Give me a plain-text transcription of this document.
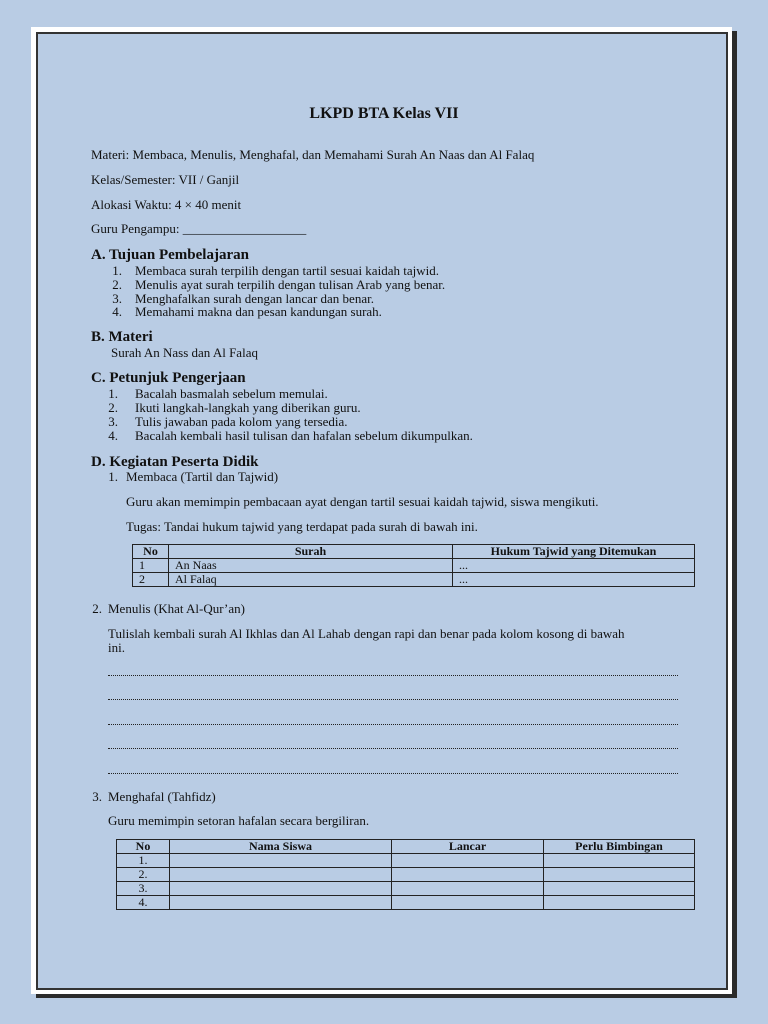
LKPD BTA Kelas VII
Materi: Membaca, Menulis, Menghafal, dan Memahami Surah An Naas dan Al Falaq
Kelas/Semester: VII / Ganjil
Alokasi Waktu: 4 × 40 menit
Guru Pengampu: ___________________
A. Tujuan Pembelajaran
1. Membaca surah terpilih dengan tartil sesuai kaidah tajwid.
2. Menulis ayat surah terpilih dengan tulisan Arab yang benar.
3. Menghafalkan surah dengan lancar dan benar.
4. Memahami makna dan pesan kandungan surah.
B. Materi
Surah An Nass dan Al Falaq
C. Petunjuk Pengerjaan
1. Bacalah basmalah sebelum memulai.
2. Ikuti langkah-langkah yang diberikan guru.
3. Tulis jawaban pada kolom yang tersedia.
4. Bacalah kembali hasil tulisan dan hafalan sebelum dikumpulkan.
D. Kegiatan Peserta Didik
1. Membaca (Tartil dan Tajwid)
Guru akan memimpin pembacaan ayat dengan tartil sesuai kaidah tajwid, siswa mengikuti.
Tugas: Tandai hukum tajwid yang terdapat pada surah di bawah ini.
No	Surah	Hukum Tajwid yang Ditemukan
1	An Naas	...
2	Al Falaq	...
2. Menulis (Khat Al-Qur’an)
Tulislah kembali surah Al Ikhlas dan Al Lahab dengan rapi dan benar pada kolom kosong di bawah
ini.
3. Menghafal (Tahfidz)
Guru memimpin setoran hafalan secara bergiliran.
No	Nama Siswa	Lancar	Perlu Bimbingan
1.			
2.			
3.			
4.			
